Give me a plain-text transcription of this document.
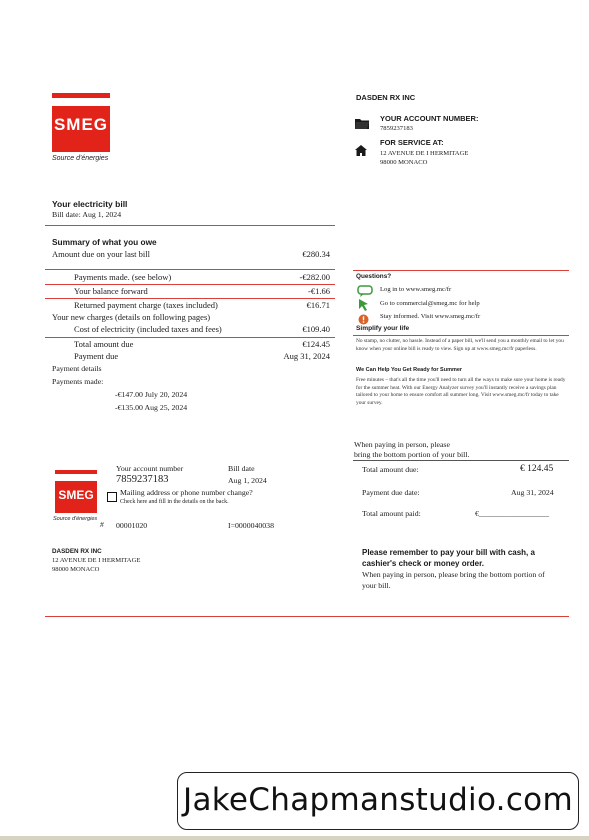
SMEG
Source d'énergies
DASDEN RX INC
YOUR ACCOUNT NUMBER:
7859237183
FOR SERVICE AT:
12 AVENUE DE I HERMITAGE
98000 MONACO
Your electricity bill
Bill date: Aug 1, 2024
Summary of what you owe
Amount due on your last bill	€280.34
Payments made. (see below)	-€282.00
Your balance forward	-€1.66
Returned payment charge (taxes included)	€16.71
Your new charges (details on following pages)
Cost of electricity (included taxes and fees)	€109.40
Total amount due	€124.45
Payment due	Aug 31, 2024
Payment details
Payments made:
-€147.00 July 20, 2024
-€135.00 Aug 25, 2024
Questions?
Log in to www.smeg.mc/fr
Go to commercial@smeg.mc for help
Stay informed. Visit www.smeg.mc/fr
Simplify your life
No stamp, no clutter, no hassle. Instead of a paper bill, we'll send you a monthly email to let you know when your online bill is ready to view. Sign up at www.smeg.mc/fr paperless.
We Can Help You Get Ready for Summer
Free minutes – that's all the time you'll need to turn all the ways to make sure your home is ready for the summer heat. With our Energy Analyzer survey you'll instantly receive a savings plan tailored to your home to ensure comfort all summer long. Visit www.smeg.mc/fr today to take your survey.
When paying in person, please
bring the bottom portion of your bill.
SMEG
Source d'énergies
Your account number
7859237183
Bill date
Aug 1, 2024
Mailing address or phone number change?
Check here and fill in the details on the back.
# 00001020	I=0000040038
Total amount due:	€ 124.45
Payment due date:	Aug 31, 2024
Total amount paid:	€__________________
DASDEN RX INC
12 AVENUE DE I HERMITAGE
98000 MONACO
Please remember to pay your bill with cash, a cashier's check or money order.
When paying in person, please bring the bottom portion of your bill.
JakeChapmanstudio.com
